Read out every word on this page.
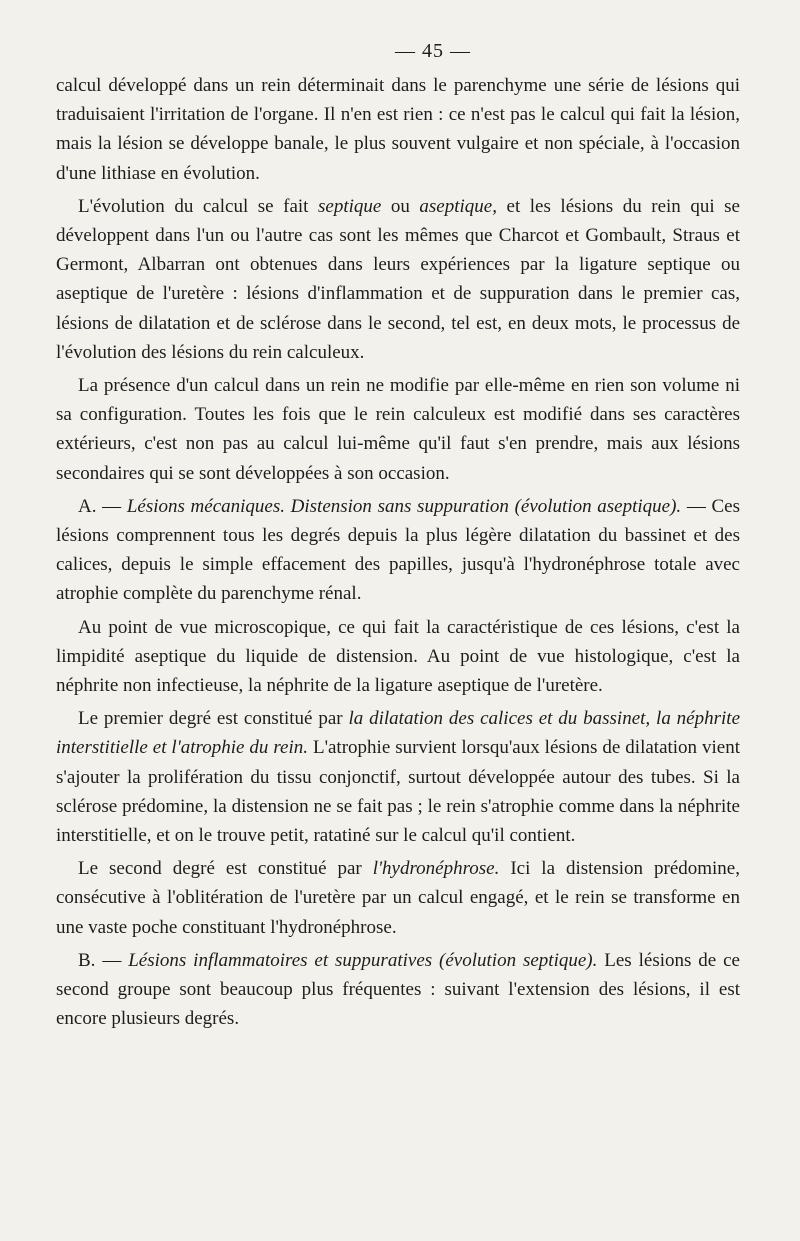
— 45 —

calcul développé dans un rein déterminait dans le parenchyme une série de lésions qui traduisaient l'irritation de l'organe. Il n'en est rien : ce n'est pas le calcul qui fait la lésion, mais la lésion se développe banale, le plus souvent vulgaire et non spéciale, à l'occasion d'une lithiase en évolution.

L'évolution du calcul se fait septique ou aseptique, et les lésions du rein qui se développent dans l'un ou l'autre cas sont les mêmes que Charcot et Gombault, Straus et Germont, Albarran ont obtenues dans leurs expériences par la ligature septique ou aseptique de l'uretère : lésions d'inflammation et de suppuration dans le premier cas, lésions de dilatation et de sclérose dans le second, tel est, en deux mots, le processus de l'évolution des lésions du rein calculeux.

La présence d'un calcul dans un rein ne modifie par elle-même en rien son volume ni sa configuration. Toutes les fois que le rein calculeux est modifié dans ses caractères extérieurs, c'est non pas au calcul lui-même qu'il faut s'en prendre, mais aux lésions secondaires qui se sont développées à son occasion.

A. — Lésions mécaniques. Distension sans suppuration (évolution aseptique). — Ces lésions comprennent tous les degrés depuis la plus légère dilatation du bassinet et des calices, depuis le simple effacement des papilles, jusqu'à l'hydronéphrose totale avec atrophie complète du parenchyme rénal.

Au point de vue microscopique, ce qui fait la caractéristique de ces lésions, c'est la limpidité aseptique du liquide de distension. Au point de vue histologique, c'est la néphrite non infectieuse, la néphrite de la ligature aseptique de l'uretère.

Le premier degré est constitué par la dilatation des calices et du bassinet, la néphrite interstitielle et l'atrophie du rein. L'atrophie survient lorsqu'aux lésions de dilatation vient s'ajouter la prolifération du tissu conjonctif, surtout développée autour des tubes. Si la sclérose prédomine, la distension ne se fait pas ; le rein s'atrophie comme dans la néphrite interstitielle, et on le trouve petit, ratatiné sur le calcul qu'il contient.

Le second degré est constitué par l'hydronéphrose. Ici la distension prédomine, consécutive à l'oblitération de l'uretère par un calcul engagé, et le rein se transforme en une vaste poche constituant l'hydronéphrose.

B. — Lésions inflammatoires et suppuratives (évolution septique). Les lésions de ce second groupe sont beaucoup plus fréquentes : suivant l'extension des lésions, il est encore plusieurs degrés.
